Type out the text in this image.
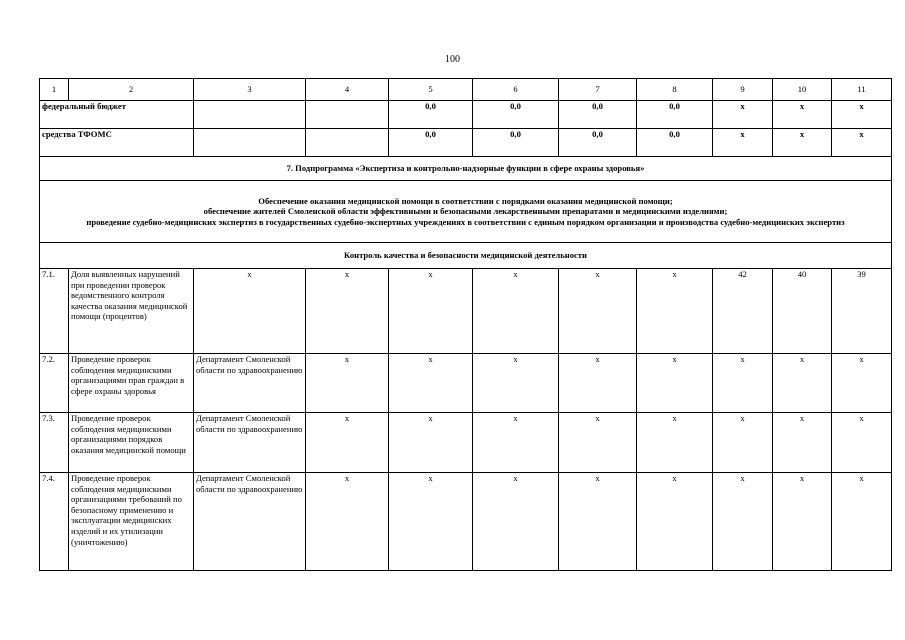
100
1	2	3	4	5	6	7	8	9	10	11
федеральный бюджет				0,0	0,0	0,0	0,0	х	х	х
средства ТФОМС				0,0	0,0	0,0	0,0	х	х	х
7. Подпрограмма «Экспертиза и контрольно-надзорные функции в сфере охраны здоровья»										
Обеспечение оказания медицинской помощи в соответствии с порядками оказания медицинской помощи;
обеспечение жителей Смоленской области эффективными и безопасными лекарственными препаратами и медицинскими изделиями;
проведение судебно-медицинских экспертиз в государственных судебно-экспертных учреждениях в соответствии с единым порядком организации и производства судебно-медицинских экспертиз										
Контроль качества и безопасности медицинской деятельности										
7.1.	Доля выявленных нарушений при проведении проверок ведомственного контроля качества оказания медицинской помощи (процентов)	х	х	х	х	х	х	42	40	39
7.2.	Проведение проверок соблюдения медицинскими организациями прав граждан в сфере охраны здоровья	Департамент Смоленской области по здравоохранению	х	х	х	х	х	х	х	х
7.3.	Проведение проверок соблюдения медицинскими организациями порядков оказания медицинской помощи	Департамент Смоленской области по здравоохранению	х	х	х	х	х	х	х	х
7.4.	Проведение проверок соблюдения медицинскими организациями требований по безопасному применению и эксплуатации медицинских изделий и их утилизации (уничтожению)	Департамент Смоленской области по здравоохранению	х	х	х	х	х	х	х	х
